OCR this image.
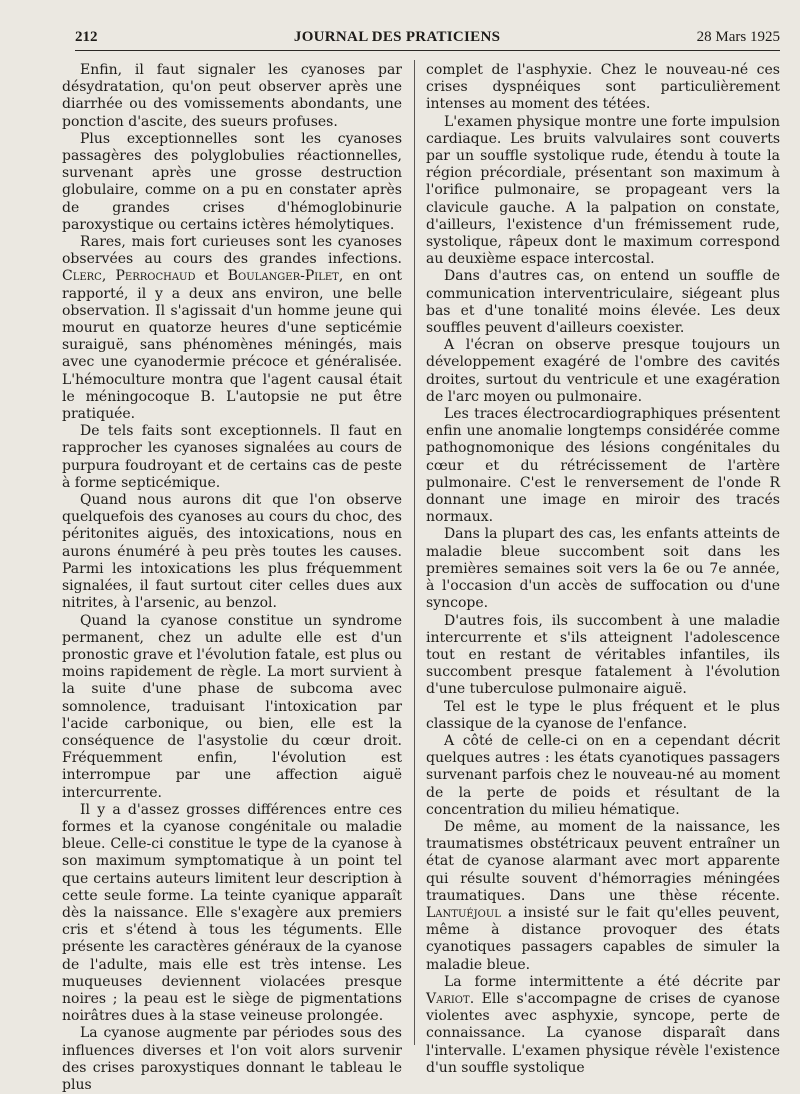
212	JOURNAL DES PRATICIENS	28 Mars 1925

Enfin, il faut signaler les cyanoses par désydratation, qu'on peut observer après une diarrhée ou des vomissements abondants, une ponction d'ascite, des sueurs profuses.

Plus exceptionnelles sont les cyanoses passagères des polyglobulies réactionnelles, survenant après une grosse destruction globulaire, comme on a pu en constater après de grandes crises d'hémoglobinurie paroxystique ou certains ictères hémolytiques.

Rares, mais fort curieuses sont les cyanoses observées au cours des grandes infections. Clerc, Perrochaud et Boulanger-Pilet, en ont rapporté, il y a deux ans environ, une belle observation. Il s'agissait d'un homme jeune qui mourut en quatorze heures d'une septicémie suraiguë, sans phénomènes méningés, mais avec une cyanodermie précoce et généralisée. L'hémoculture montra que l'agent causal était le méningocoque B. L'autopsie ne put être pratiquée.

De tels faits sont exceptionnels. Il faut en rapprocher les cyanoses signalées au cours de purpura foudroyant et de certains cas de peste à forme septicémique.

Quand nous aurons dit que l'on observe quelquefois des cyanoses au cours du choc, des péritonites aiguës, des intoxications, nous en aurons énuméré à peu près toutes les causes. Parmi les intoxications les plus fréquemment signalées, il faut surtout citer celles dues aux nitrites, à l'arsenic, au benzol.

Quand la cyanose constitue un syndrome permanent, chez un adulte elle est d'un pronostic grave et l'évolution fatale, est plus ou moins rapidement de règle. La mort survient à la suite d'une phase de subcoma avec somnolence, traduisant l'intoxication par l'acide carbonique, ou bien, elle est la conséquence de l'asystolie du cœur droit. Fréquemment enfin, l'évolution est interrompue par une affection aiguë intercurrente.

Il y a d'assez grosses différences entre ces formes et la cyanose congénitale ou maladie bleue. Celle-ci constitue le type de la cyanose à son maximum symptomatique à un point tel que certains auteurs limitent leur description à cette seule forme. La teinte cyanique apparaît dès la naissance. Elle s'exagère aux premiers cris et s'étend à tous les téguments. Elle présente les caractères généraux de la cyanose de l'adulte, mais elle est très intense. Les muqueuses deviennent violacées presque noires ; la peau est le siège de pigmentations noirâtres dues à la stase veineuse prolongée.

La cyanose augmente par périodes sous des influences diverses et l'on voit alors survenir des crises paroxystiques donnant le tableau le plus

complet de l'asphyxie. Chez le nouveau-né ces crises dyspnéiques sont particulièrement intenses au moment des tétées.

L'examen physique montre une forte impulsion cardiaque. Les bruits valvulaires sont couverts par un souffle systolique rude, étendu à toute la région précordiale, présentant son maximum à l'orifice pulmonaire, se propageant vers la clavicule gauche. A la palpation on constate, d'ailleurs, l'existence d'un frémissement rude, systolique, râpeux dont le maximum correspond au deuxième espace intercostal.

Dans d'autres cas, on entend un souffle de communication interventriculaire, siégeant plus bas et d'une tonalité moins élevée. Les deux souffles peuvent d'ailleurs coexister.

A l'écran on observe presque toujours un développement exagéré de l'ombre des cavités droites, surtout du ventricule et une exagération de l'arc moyen ou pulmonaire.

Les traces électrocardiographiques présentent enfin une anomalie longtemps considérée comme pathognomonique des lésions congénitales du cœur et du rétrécissement de l'artère pulmonaire. C'est le renversement de l'onde R donnant une image en miroir des tracés normaux.

Dans la plupart des cas, les enfants atteints de maladie bleue succombent soit dans les premières semaines soit vers la 6e ou 7e année, à l'occasion d'un accès de suffocation ou d'une syncope.

D'autres fois, ils succombent à une maladie intercurrente et s'ils atteignent l'adolescence tout en restant de véritables infantiles, ils succombent presque fatalement à l'évolution d'une tuberculose pulmonaire aiguë.

Tel est le type le plus fréquent et le plus classique de la cyanose de l'enfance.

A côté de celle-ci on en a cependant décrit quelques autres : les états cyanotiques passagers survenant parfois chez le nouveau-né au moment de la perte de poids et résultant de la concentration du milieu hématique.

De même, au moment de la naissance, les traumatismes obstétricaux peuvent entraîner un état de cyanose alarmant avec mort apparente qui résulte souvent d'hémorragies méningées traumatiques. Dans une thèse récente. Lantuéjoul a insisté sur le fait qu'elles peuvent, même à distance provoquer des états cyanotiques passagers capables de simuler la maladie bleue.

La forme intermittente a été décrite par Variot. Elle s'accompagne de crises de cyanose violentes avec asphyxie, syncope, perte de connaissance. La cyanose disparaît dans l'intervalle. L'examen physique révèle l'existence d'un souffle systolique
